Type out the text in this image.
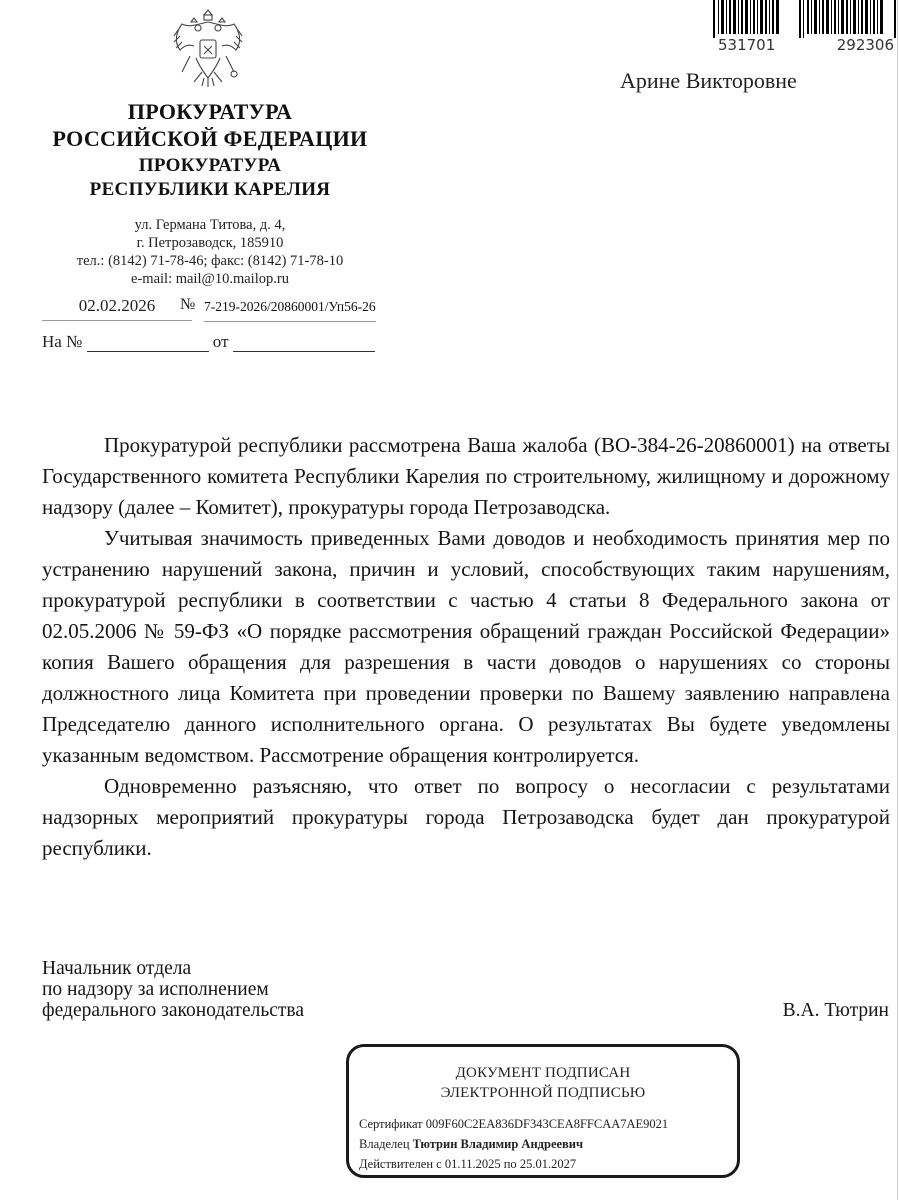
ПРОКУРАТУРА
РОССИЙСКОЙ ФЕДЕРАЦИИ
ПРОКУРАТУРА
РЕСПУБЛИКИ КАРЕЛИЯ
ул. Германа Титова, д. 4,
г. Петрозаводск, 185910
тел.: (8142) 71-78-46; факс: (8142) 71-78-10
e-mail: mail@10.mailop.ru
02.02.2026	№ 7-219-2026/20860001/Уп56-26
На №	от
531701	292306
Арине Викторовне

Прокуратурой республики рассмотрена Ваша жалоба (ВО-384-26-20860001) на ответы Государственного комитета Республики Карелия по строительному, жилищному и дорожному надзору (далее – Комитет), прокуратуры города Петрозаводска.

Учитывая значимость приведенных Вами доводов и необходимость принятия мер по устранению нарушений закона, причин и условий, способствующих таким нарушениям, прокуратурой республики в соответствии с частью 4 статьи 8 Федерального закона от 02.05.2006 № 59-ФЗ «О порядке рассмотрения обращений граждан Российской Федерации» копия Вашего обращения для разрешения в части доводов о нарушениях со стороны должностного лица Комитета при проведении проверки по Вашему заявлению направлена Председателю данного исполнительного органа. О результатах Вы будете уведомлены указанным ведомством. Рассмотрение обращения контролируется.

Одновременно разъясняю, что ответ по вопросу о несогласии с результатами надзорных мероприятий прокуратуры города Петрозаводска будет дан прокуратурой республики.

Начальник отдела
по надзору за исполнением
федерального законодательства	В.А. Тютрин
ДОКУМЕНТ ПОДПИСАН
ЭЛЕКТРОННОЙ ПОДПИСЬЮ
Сертификат 009F60C2EA836DF343CEA8FFCAA7AE9021
Владелец Тютрин Владимир Андреевич
Действителен с 01.11.2025 по 25.01.2027
